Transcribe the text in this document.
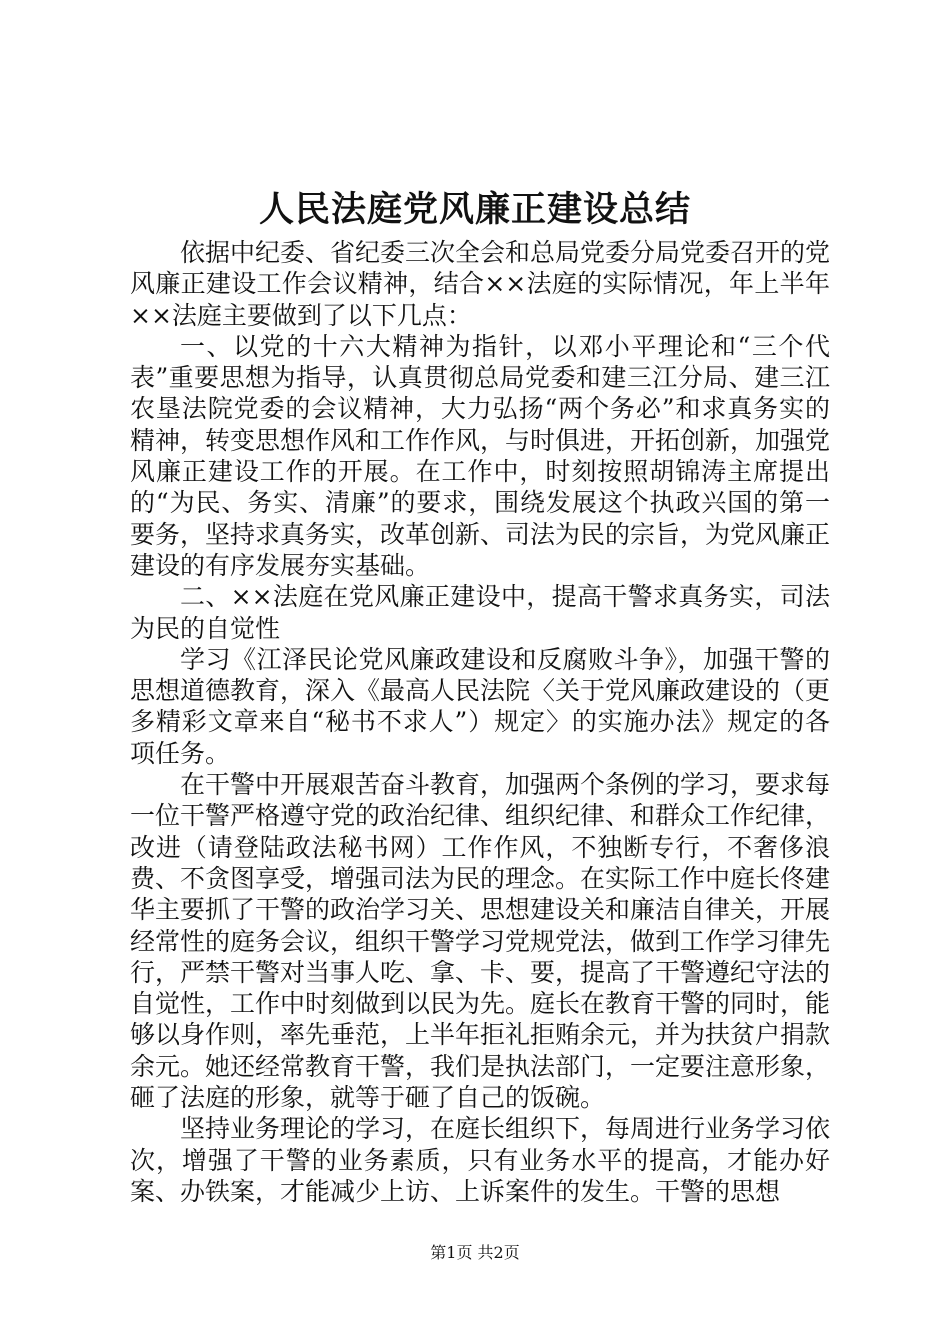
人民法庭党风廉正建设总结

依据中纪委、省纪委三次全会和总局党委分局党委召开的党风廉正建设工作会议精神，结合××法庭的实际情况，年上半年××法庭主要做到了以下几点：

一、以党的十六大精神为指针，以邓小平理论和“三个代表”重要思想为指导，认真贯彻总局党委和建三江分局、建三江农垦法院党委的会议精神，大力弘扬“两个务必”和求真务实的精神，转变思想作风和工作作风，与时俱进，开拓创新，加强党风廉正建设工作的开展。在工作中，时刻按照胡锦涛主席提出的“为民、务实、清廉”的要求，围绕发展这个执政兴国的第一要务，坚持求真务实，改革创新、司法为民的宗旨，为党风廉正建设的有序发展夯实基础。

二、××法庭在党风廉正建设中，提高干警求真务实，司法为民的自觉性

学习《江泽民论党风廉政建设和反腐败斗争》，加强干警的思想道德教育，深入《最高人民法院〈关于党风廉政建设的（更多精彩文章来自“秘书不求人”）规定〉的实施办法》规定的各项任务。

在干警中开展艰苦奋斗教育，加强两个条例的学习，要求每一位干警严格遵守党的政治纪律、组织纪律、和群众工作纪律，改进（请登陆政法秘书网）工作作风，不独断专行，不奢侈浪费、不贪图享受，增强司法为民的理念。在实际工作中庭长佟建华主要抓了干警的政治学习关、思想建设关和廉洁自律关，开展经常性的庭务会议，组织干警学习党规党法，做到工作学习律先行，严禁干警对当事人吃、拿、卡、要，提高了干警遵纪守法的自觉性，工作中时刻做到以民为先。庭长在教育干警的同时，能够以身作则，率先垂范，上半年拒礼拒贿余元，并为扶贫户捐款余元。她还经常教育干警，我们是执法部门，一定要注意形象，砸了法庭的形象，就等于砸了自己的饭碗。

坚持业务理论的学习，在庭长组织下，每周进行业务学习依次，增强了干警的业务素质，只有业务水平的提高，才能办好案、办铁案，才能减少上访、上诉案件的发生。干警的思想

第1页 共2页
